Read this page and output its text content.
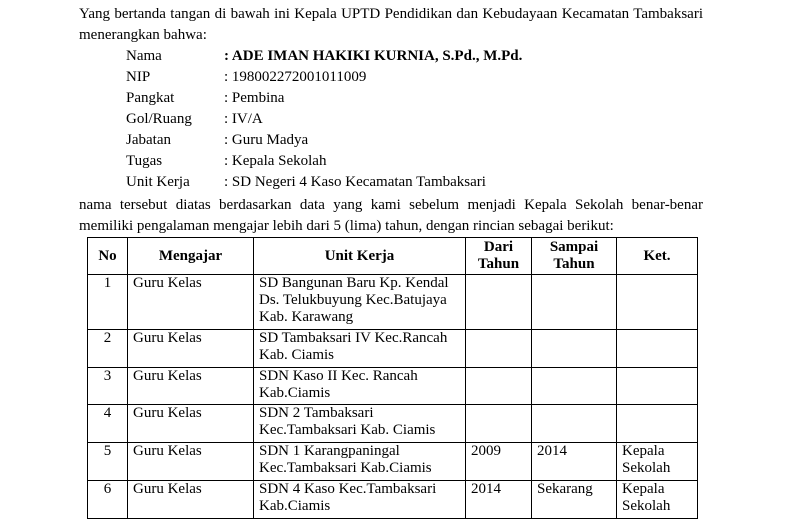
Yang bertanda tangan di bawah ini Kepala UPTD Pendidikan dan Kebudayaan Kecamatan Tambaksari menerangkan bahwa:
Nama	: ADE IMAN HAKIKI KURNIA, S.Pd., M.Pd.
NIP	: 198002272001011009
Pangkat	: Pembina
Gol/Ruang	: IV/A
Jabatan	: Guru Madya
Tugas	: Kepala Sekolah
Unit Kerja	: SD Negeri 4 Kaso Kecamatan Tambaksari
nama tersebut diatas berdasarkan data yang kami sebelum menjadi Kepala Sekolah benar-benar memiliki pengalaman mengajar lebih dari 5 (lima) tahun, dengan rincian sebagai berikut:
No	Mengajar	Unit Kerja	Dari Tahun	Sampai Tahun	Ket.
1	Guru Kelas	SD Bangunan Baru Kp. Kendal Ds. Telukbuyung Kec.Batujaya Kab. Karawang			
2	Guru Kelas	SD Tambaksari IV Kec.Rancah Kab. Ciamis			
3	Guru Kelas	SDN Kaso II Kec. Rancah Kab.Ciamis			
4	Guru Kelas	SDN 2 Tambaksari Kec.Tambaksari Kab. Ciamis			
5	Guru Kelas	SDN 1 Karangpaningal Kec.Tambaksari Kab.Ciamis	2009	2014	Kepala Sekolah
6	Guru Kelas	SDN 4 Kaso Kec.Tambaksari Kab.Ciamis	2014	Sekarang	Kepala Sekolah
